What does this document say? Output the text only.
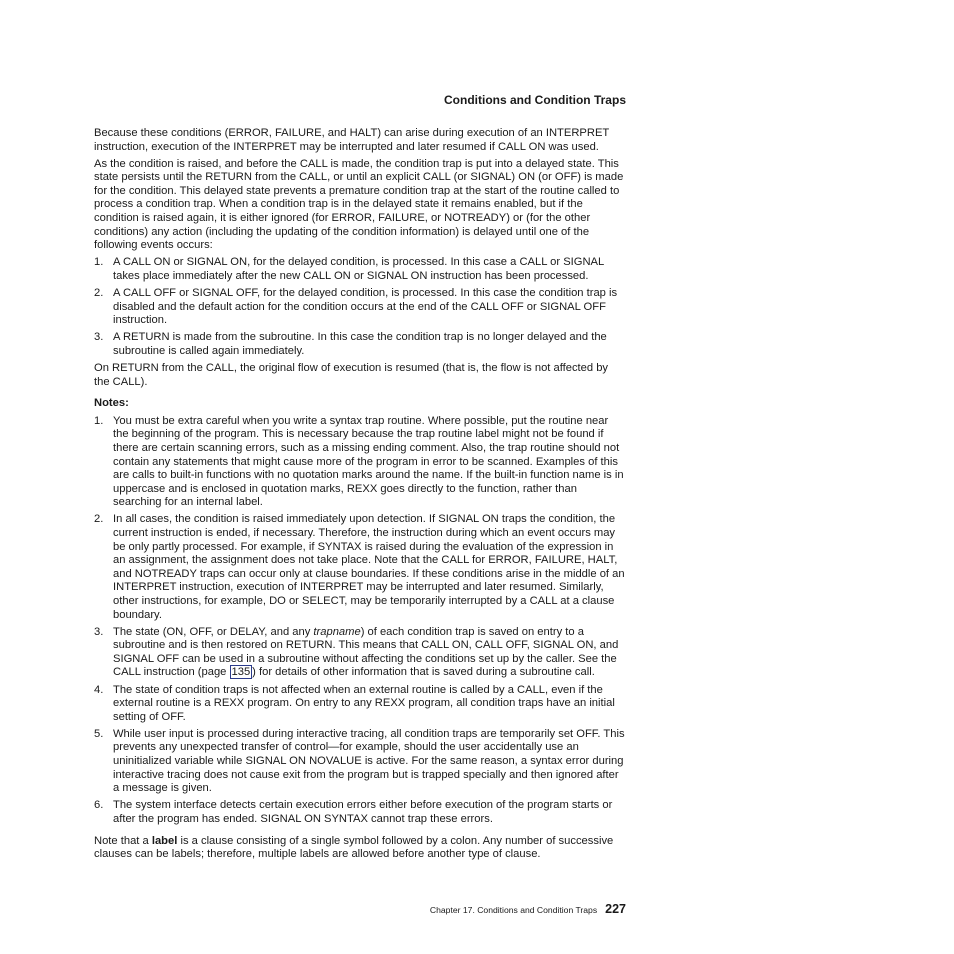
Conditions and Condition Traps

Because these conditions (ERROR, FAILURE, and HALT) can arise during execution of an INTERPRET instruction, execution of the INTERPRET may be interrupted and later resumed if CALL ON was used.

As the condition is raised, and before the CALL is made, the condition trap is put into a delayed state. This state persists until the RETURN from the CALL, or until an explicit CALL (or SIGNAL) ON (or OFF) is made for the condition. This delayed state prevents a premature condition trap at the start of the routine called to process a condition trap. When a condition trap is in the delayed state it remains enabled, but if the condition is raised again, it is either ignored (for ERROR, FAILURE, or NOTREADY) or (for the other conditions) any action (including the updating of the condition information) is delayed until one of the following events occurs:

1. A CALL ON or SIGNAL ON, for the delayed condition, is processed. In this case a CALL or SIGNAL takes place immediately after the new CALL ON or SIGNAL ON instruction has been processed.
2. A CALL OFF or SIGNAL OFF, for the delayed condition, is processed. In this case the condition trap is disabled and the default action for the condition occurs at the end of the CALL OFF or SIGNAL OFF instruction.
3. A RETURN is made from the subroutine. In this case the condition trap is no longer delayed and the subroutine is called again immediately.

On RETURN from the CALL, the original flow of execution is resumed (that is, the flow is not affected by the CALL).

Notes:
1. You must be extra careful when you write a syntax trap routine. Where possible, put the routine near the beginning of the program. This is necessary because the trap routine label might not be found if there are certain scanning errors, such as a missing ending comment. Also, the trap routine should not contain any statements that might cause more of the program in error to be scanned. Examples of this are calls to built-in functions with no quotation marks around the name. If the built-in function name is in uppercase and is enclosed in quotation marks, REXX goes directly to the function, rather than searching for an internal label.
2. In all cases, the condition is raised immediately upon detection. If SIGNAL ON traps the condition, the current instruction is ended, if necessary. Therefore, the instruction during which an event occurs may be only partly processed. For example, if SYNTAX is raised during the evaluation of the expression in an assignment, the assignment does not take place. Note that the CALL for ERROR, FAILURE, HALT, and NOTREADY traps can occur only at clause boundaries. If these conditions arise in the middle of an INTERPRET instruction, execution of INTERPRET may be interrupted and later resumed. Similarly, other instructions, for example, DO or SELECT, may be temporarily interrupted by a CALL at a clause boundary.
3. The state (ON, OFF, or DELAY, and any trapname) of each condition trap is saved on entry to a subroutine and is then restored on RETURN. This means that CALL ON, CALL OFF, SIGNAL ON, and SIGNAL OFF can be used in a subroutine without affecting the conditions set up by the caller. See the CALL instruction (page 135 ) for details of other information that is saved during a subroutine call.
4. The state of condition traps is not affected when an external routine is called by a CALL, even if the external routine is a REXX program. On entry to any REXX program, all condition traps have an initial setting of OFF.
5. While user input is processed during interactive tracing, all condition traps are temporarily set OFF. This prevents any unexpected transfer of control—for example, should the user accidentally use an uninitialized variable while SIGNAL ON NOVALUE is active. For the same reason, a syntax error during interactive tracing does not cause exit from the program but is trapped specially and then ignored after a message is given.
6. The system interface detects certain execution errors either before execution of the program starts or after the program has ended. SIGNAL ON SYNTAX cannot trap these errors.

Note that a label is a clause consisting of a single symbol followed by a colon. Any number of successive clauses can be labels; therefore, multiple labels are allowed before another type of clause.

Chapter 17. Conditions and Condition Traps 227
